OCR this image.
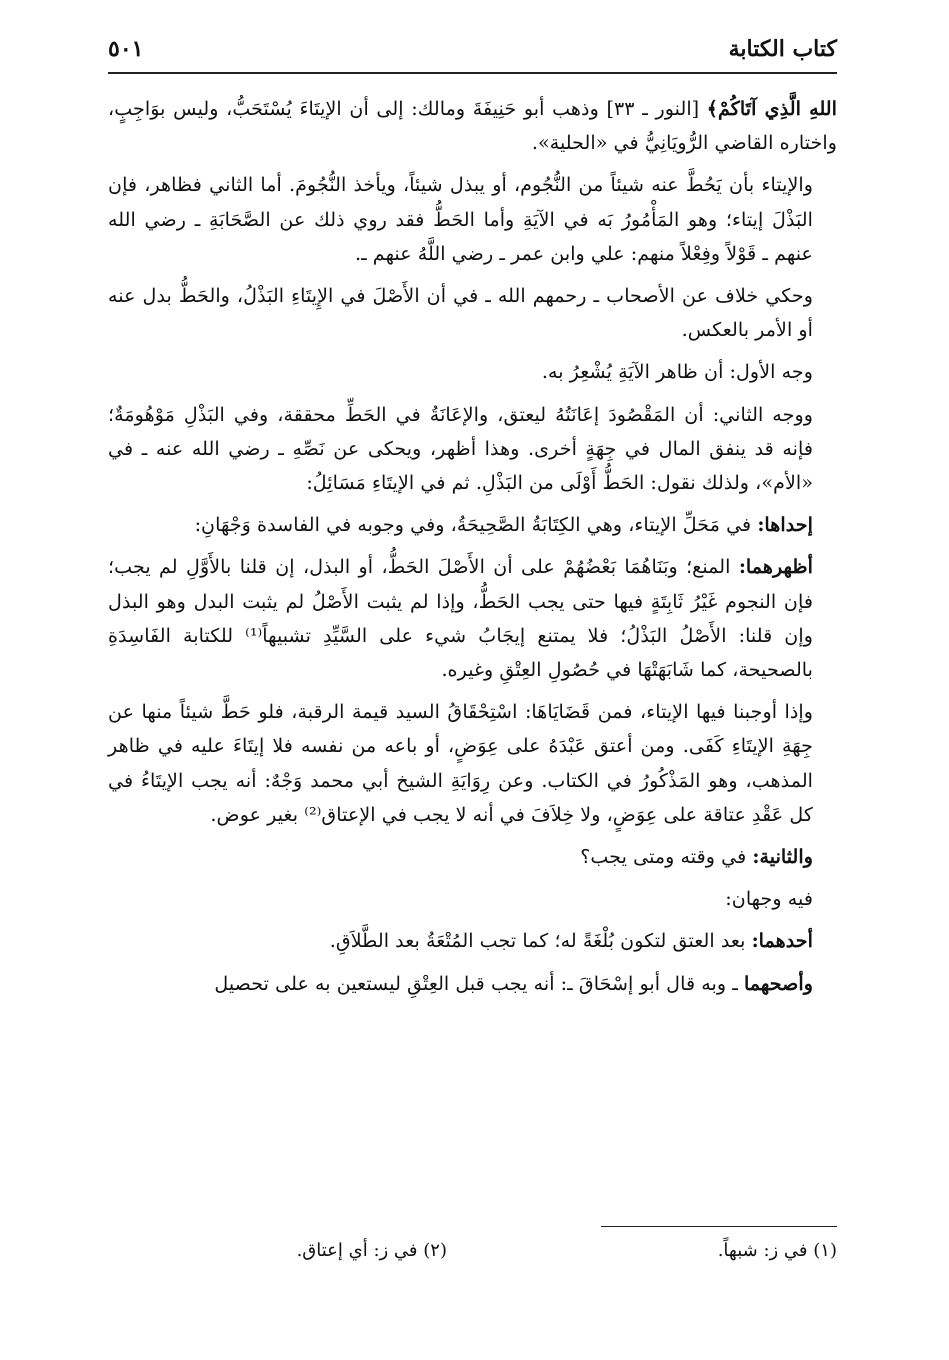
كتاب الكتابة
٥٠١

اللهِ الَّذِي آتَاكُمْ﴾ [النور ـ ٣٣] وذهب أبو حَنِيفَةَ ومالك: إلى أن الإيتَاءَ يُسْتَحَبُّ، وليس بوَاجِبٍ، واختاره القاضي الرُّويَانِيُّ في «الحلية».

والإيتاء بأن يَحُطَّ عنه شيئاً من النُّجُوم، أو يبذل شيئاً، ويأخذ النُّجُومَ. أما الثاني فظاهر، فإن البَذْلَ إيتاء؛ وهو المَأْمُورُ بَه في الآيَةِ وأما الحَطُّ فقد روي ذلك عن الصَّحَابَةِ ـ رضي الله عنهم ـ قَوْلاً وفِعْلاً منهم: علي وابن عمر ـ رضي اللَّهُ عنهم ـ.

وحكي خلاف عن الأصحاب ـ رحمهم الله ـ في أن الأَصْلَ في الإِيتَاءِ البَذْلُ، والحَطُّ بدل عنه أو الأمر بالعكس.

وجه الأول: أن ظاهر الآيَةِ يُشْعِرُ به.

ووجه الثاني: أن المَقْصُودَ إعَانَتُهُ ليعتق، والإعَانَةُ في الحَطِّ محققة، وفي البَذْلِ مَوْهُومَةٌ؛ فإنه قد ينفق المال في جِهَةٍ أخرى. وهذا أظهر، ويحكى عن نَصِّهِ ـ رضي الله عنه ـ في «الأم»، ولذلك نقول: الحَطُّ أَوْلَى من البَذْلِ. ثم في الإيتَاءِ مَسَائِلُ:

إحداها: في مَحَلِّ الإيتاء، وهي الكِتَابَةُ الصَّحِيحَةُ، وفي وجوبه في الفاسدة وَجْهَانِ:

أظهرهما: المنع؛ وبَنَاهُمَا بَعْضُهُمْ على أن الأَصْلَ الحَطُّ، أو البذل، إن قلنا بالأَوَّلِ لم يجب؛ فإن النجوم غَيْرُ ثَابِتَةٍ فيها حتى يجب الحَطُّ، وإذا لم يثبت الأَصْلُ لم يثبت البدل وهو البذل وإن قلنا: الأَصْلُ البَذْلُ؛ فلا يمتنع إيجَابُ شيء على السَّيِّدِ تشبيهاً⁽¹⁾ للكتابة الفَاسِدَةِ بالصحيحة، كما شَابَهَتْهَا في حُصُولِ العِتْقِ وغيره.

وإذا أوجبنا فيها الإيتاء، فمن قَضَايَاهَا: اسْتِحْقَاقُ السيد قيمة الرقبة، فلو حَطَّ شيئاً منها عن جِهَةِ الإيتَاءِ كَفَى. ومن أعتق عَبْدَهُ على عِوَضٍ، أو باعه من نفسه فلا إيتَاءَ عليه في ظاهر المذهب، وهو المَذْكُورُ في الكتاب. وعن رِوَايَةِ الشيخ أبي محمد وَجْهٌ: أنه يجب الإيتَاءُ في كل عَقْدِ عتاقة على عِوَضٍ، ولا خِلاَفَ في أنه لا يجب في الإعتاق⁽²⁾ بغير عوض.

والثانية: في وقته ومتى يجب؟

فيه وجهان:

أحدهما: بعد العتق لتكون بُلْغَةً له؛ كما تجب المُتْعَةُ بعد الطَّلاَقِ.

وأصحهما ـ وبه قال أبو إسْحَاقَ ـ: أنه يجب قبل العِتْقِ ليستعين به على تحصيل

(١) في ز: شبهاً.
(٢) في ز: أي إعتاق.
